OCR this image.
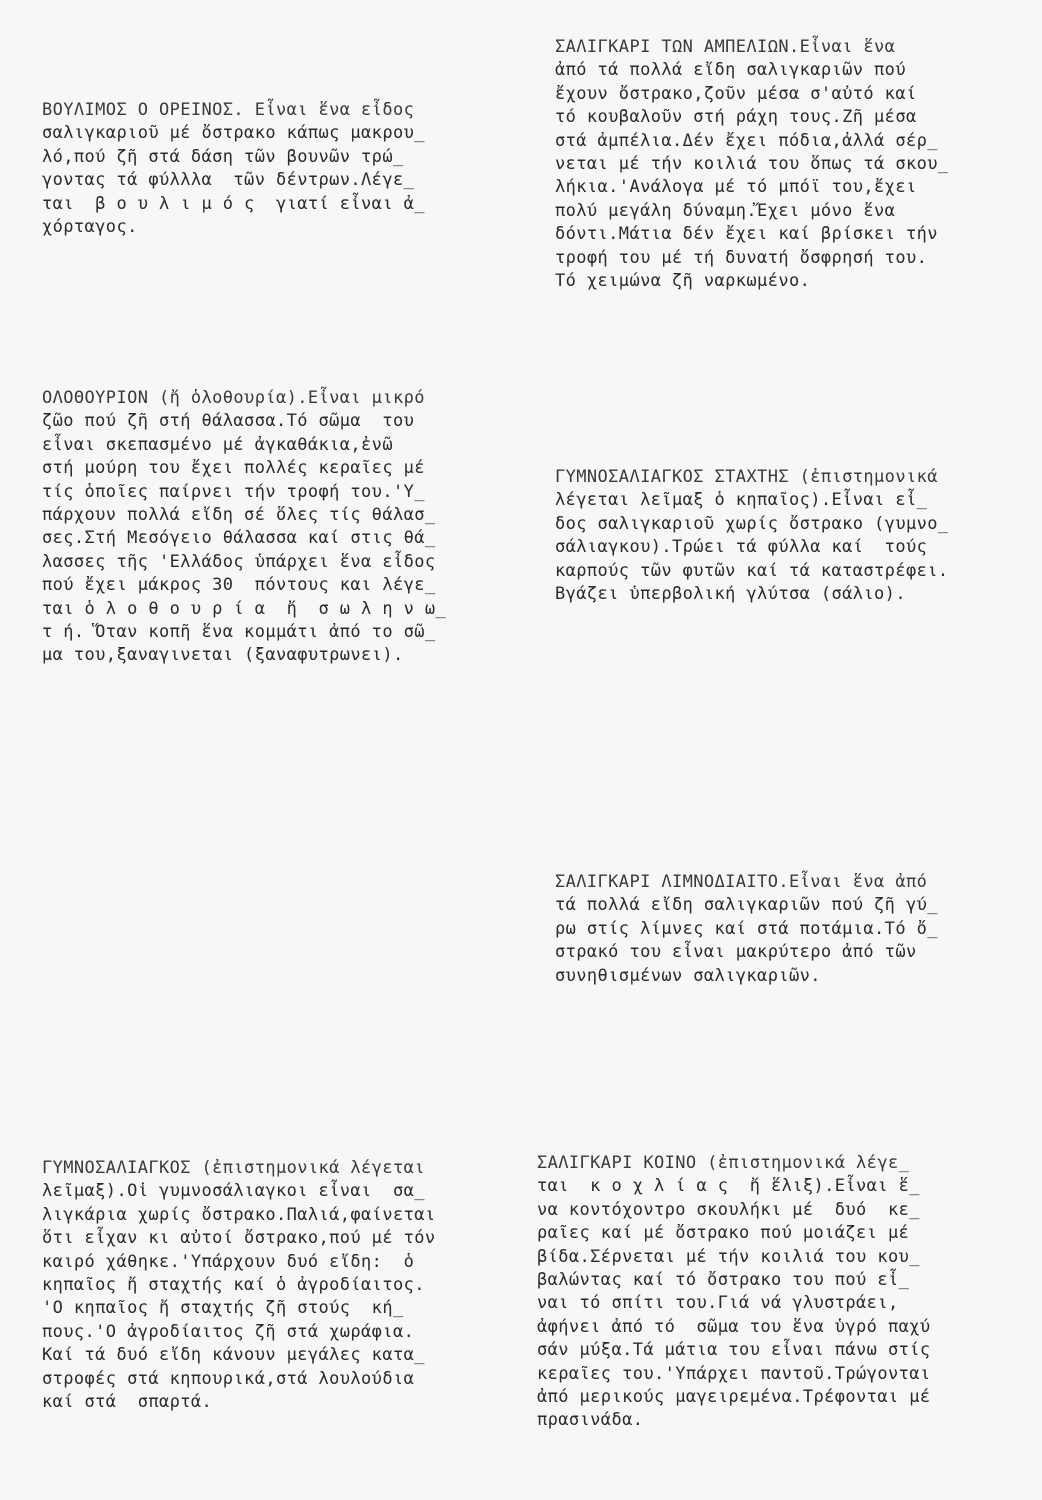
ΒΟΥΛΙΜΟΣ Ο ΟΡΕΙΝΟΣ. Εἶναι ἕνα εἶδος
σαλιγκαριοῦ μέ ὄστρακο κάπως μακρου_
λό,πού ζῆ στά δάση τῶν βουνῶν τρώ_
γοντας τά φύλλλα  τῶν δέντρων.Λέγε_
ται  β ο υ λ ι μ ό ς  γιατί εἶναι ἀ_
χόρταγος.
ΣΑΛΙΓΚΑΡΙ ΤΩΝ ΑΜΠΕΛΙΩΝ.Εἶναι ἕνα
ἀπό τά πολλά εἴδη σαλιγκαριῶν πού
ἔχουν ὄστρακο,ζοῦν μέσα σ'αὐτό καί
τό κουβαλοῦν στή ράχη τους.Ζῆ μέσα
στά ἀμπέλια.Δέν ἔχει πόδια,ἀλλά σέρ_
νεται μέ τήν κοιλιά του ὅπως τά σκου_
λήκια.'Ανάλογα μέ τό μπόϊ του,ἔχει
πολύ μεγάλη δύναμη.Ἔχει μόνο ἕνα
δόντι.Μάτια δέν ἔχει καί βρίσκει τήν
τροφή του μέ τή δυνατή ὄσφρησή του.
Τό χειμώνα ζῆ ναρκωμένο.
ΟΛΟΘΟΥΡΙΟΝ (ἤ ὁλοθουρία).Εἶναι μικρό
ζῶο πού ζῆ στή θάλασσα.Τό σῶμα  του
εἶναι σκεπασμένο μέ ἀγκαθάκια,ἐνῶ
στή μούρη του ἔχει πολλές κεραῖες μέ
τίς ὁποῖες παίρνει τήν τροφή του.'Υ_
πάρχουν πολλά εἴδη σέ ὅλες τίς θάλασ_
σες.Στή Μεσόγειο θάλασσα καί στις θά_
λασσες τῆς 'Ελλάδος ὑπάρχει ἕνα εἶδος
πού ἔχει μάκρος 30  πόντους και λέγε_
ται ὁ λ ο θ ο υ ρ ί α  ἤ  σ ω λ η ν ω_
τ ή. Ὅταν κοπῆ ἕνα κομμάτι ἀπό το σῶ_
μα του,ξαναγινεται (ξαναφυτρωνει).
ΓΥΜΝΟΣΑΛΙΑΓΚΟΣ ΣΤΑΧΤΗΣ (ἐπιστημονικά
λέγεται λεῖμαξ ὁ κηπαῖος).Εἶναι εἶ_
δος σαλιγκαριοῦ χωρίς ὄστρακο (γυμνο_
σάλιαγκου).Τρώει τά φύλλα καί  τούς
καρπούς τῶν φυτῶν καί τά καταστρέφει.
Βγάζει ὑπερβολική γλύτσα (σάλιο).
ΣΑΛΙΓΚΑΡΙ ΛΙΜΝΟΔΙΑΙΤΟ.Εἶναι ἕνα ἀπό
τά πολλά εἴδη σαλιγκαριῶν πού ζῆ γύ_
ρω στίς λίμνες καί στά ποτάμια.Τό ὄ_
στρακό του εἶναι μακρύτερο ἀπό τῶν
συνηθισμένων σαλιγκαριῶν.
ΓΥΜΝΟΣΑΛΙΑΓΚΟΣ (ἐπιστημονικά λέγεται
λεῖμαξ).Οἱ γυμνοσάλιαγκοι εἶναι  σα_
λιγκάρια χωρίς ὄστρακο.Παλιά,φαίνεται
ὅτι εἶχαν κι αὐτοί ὄστρακο,πού μέ τόν
καιρό χάθηκε.'Υπάρχουν δυό εἴδη:  ὁ
κηπαῖος ἤ σταχτής καί ὁ ἀγροδίαιτος.
'Ο κηπαῖος ἤ σταχτής ζῆ στούς  κή_
πους.'Ο ἀγροδίαιτος ζῆ στά χωράφια.
Καί τά δυό εἴδη κάνουν μεγάλες κατα_
στροφές στά κηπουρικά,στά λουλούδια
καί στά  σπαρτά.
ΣΑΛΙΓΚΑΡΙ ΚΟΙΝΟ (ἐπιστημονικά λέγε_
ται  κ ο χ λ ί α ς  ἤ ἕλιξ).Εἶναι ἕ_
να κοντόχοντρο σκουλήκι μέ  δυό  κε_
ραῖες καί μέ ὄστρακο πού μοιάζει μέ
βίδα.Σέρνεται μέ τήν κοιλιά του κου_
βαλώντας καί τό ὄστρακο του πού εἶ_
ναι τό σπίτι του.Γιά νά γλυστράει,
ἀφήνει ἀπό τό  σῶμα του ἕνα ὑγρό παχύ
σάν μύξα.Τά μάτια του εἶναι πάνω στίς
κεραῖες του.'Υπάρχει παντοῦ.Τρώγονται
ἀπό μερικούς μαγειρεμένα.Τρέφονται μέ
πρασινάδα.
